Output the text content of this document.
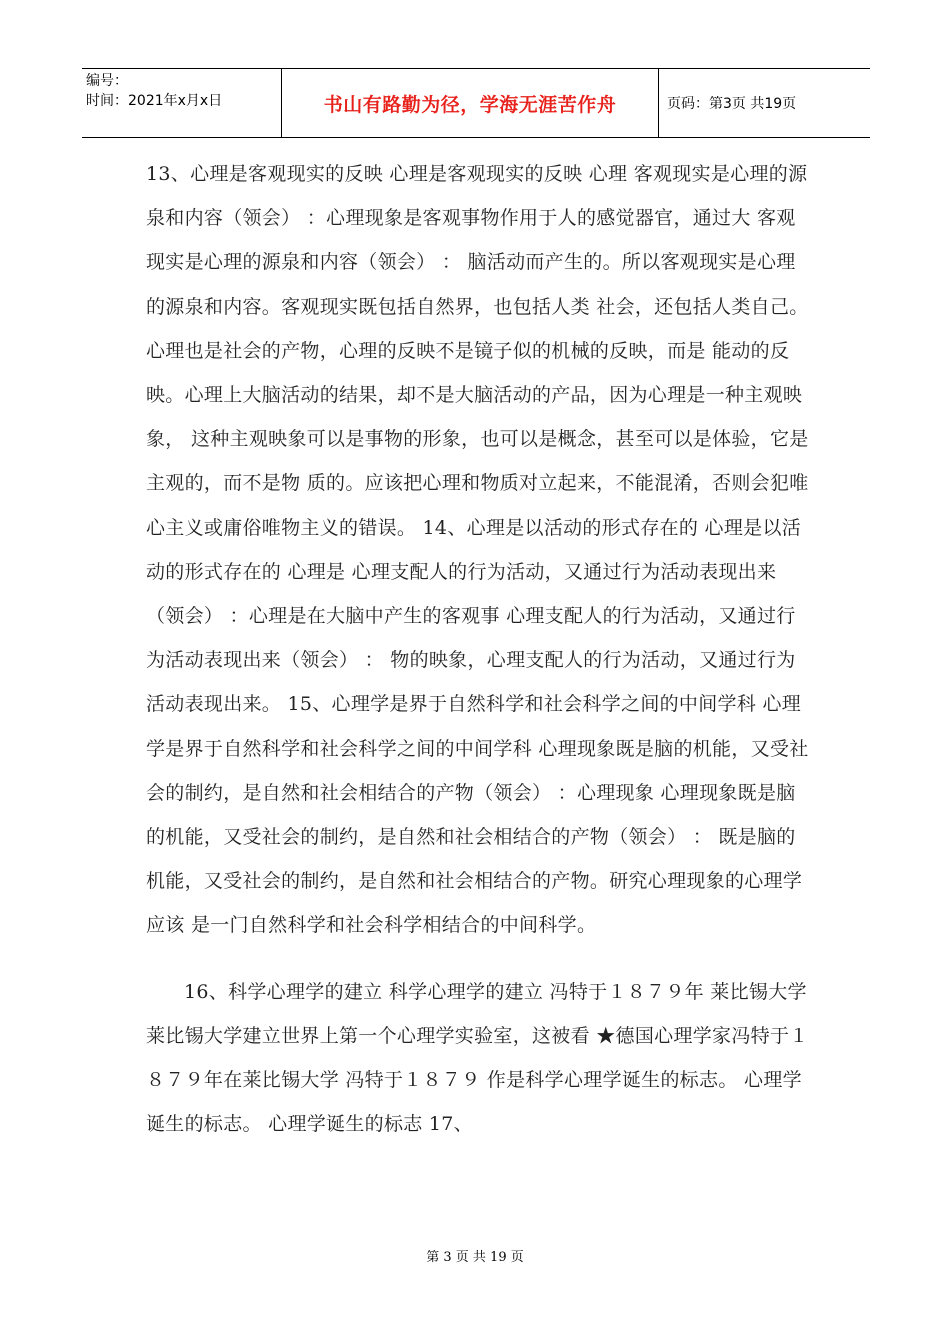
编号：
时间：2021年x月x日	书山有路勤为径，学海无涯苦作舟	页码：第3页 共19页

13、心理是客观现实的反映 心理是客观现实的反映 心理 客观现实是心理的源泉和内容（领会） ：心理现象是客观事物作用于人的感觉器官，通过大 客观现实是心理的源泉和内容（领会） ： 脑活动而产生的。所以客观现实是心理的源泉和内容。客观现实既包括自然界，也包括人类 社会，还包括人类自己。心理也是社会的产物，心理的反映不是镜子似的机械的反映，而是 能动的反映。心理上大脑活动的结果，却不是大脑活动的产品，因为心理是一种主观映象， 这种主观映象可以是事物的形象，也可以是概念，甚至可以是体验，它是主观的，而不是物 质的。应该把心理和物质对立起来，不能混淆，否则会犯唯心主义或庸俗唯物主义的错误。 14、心理是以活动的形式存在的 心理是以活动的形式存在的 心理是 心理支配人的行为活动，又通过行为活动表现出来（领会） ：心理是在大脑中产生的客观事 心理支配人的行为活动，又通过行为活动表现出来（领会） ： 物的映象，心理支配人的行为活动，又通过行为活动表现出来。 15、心理学是界于自然科学和社会科学之间的中间学科 心理学是界于自然科学和社会科学之间的中间学科 心理现象既是脑的机能，又受社会的制约，是自然和社会相结合的产物（领会） ：心理现象 心理现象既是脑的机能，又受社会的制约，是自然和社会相结合的产物（领会） ： 既是脑的机能，又受社会的制约，是自然和社会相结合的产物。研究心理现象的心理学应该 是一门自然科学和社会科学相结合的中间科学。

16、科学心理学的建立 科学心理学的建立 冯特于１８７９年 莱比锡大学 莱比锡大学建立世界上第一个心理学实验室，这被看 ★德国心理学家冯特于１８７９年在莱比锡大学 冯特于１８７９ 作是科学心理学诞生的标志。 心理学诞生的标志。 心理学诞生的标志 17、

第 3 页 共 19 页
